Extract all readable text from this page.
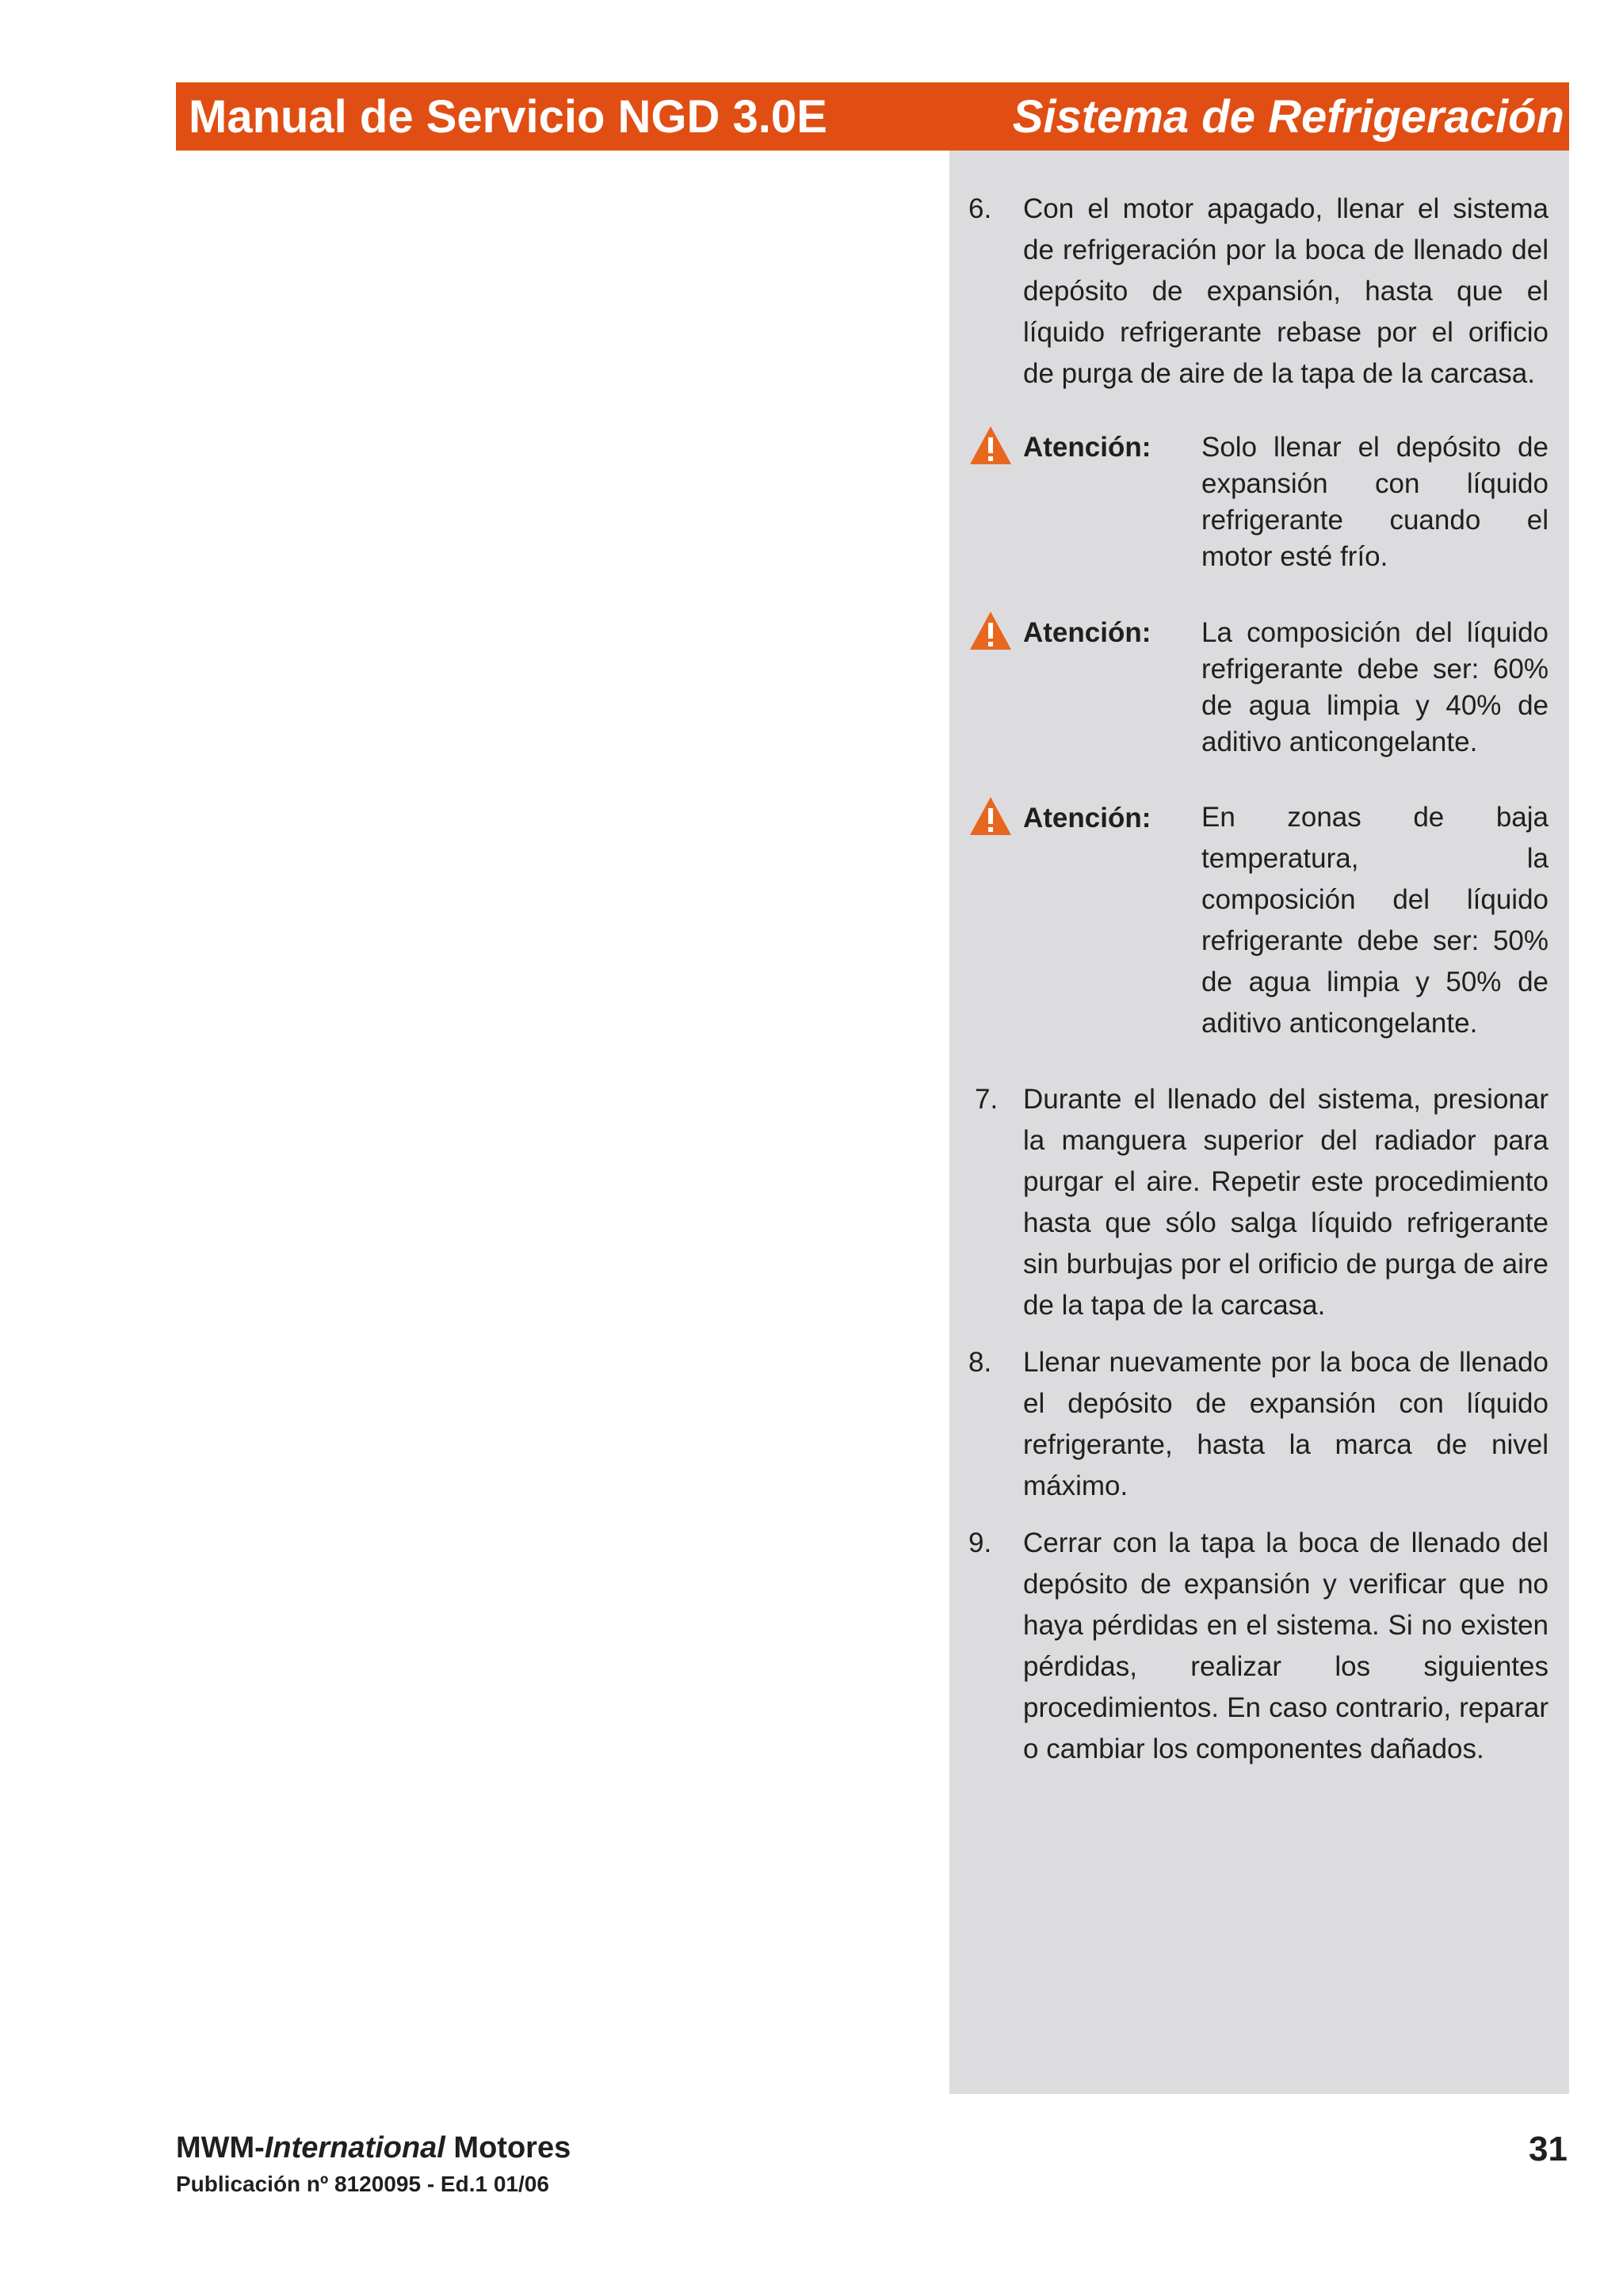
Manual de Servicio NGD 3.0E	Sistema de Refrigeración
6. Con el motor apagado, llenar el sistema de refrigeración por la boca de llenado del depósito de expansión, hasta que el líquido refrigerante rebase por el orificio de purga de aire de la tapa de la carcasa.
Atención: Solo llenar el depósito de expansión con líquido refrigerante cuando el motor esté frío.
Atención: La composición del líquido refrigerante debe ser: 60% de agua limpia y 40% de aditivo anticongelante.
Atención: En zonas de baja temperatura, la composición del líquido refrigerante debe ser: 50% de agua limpia y 50% de aditivo anticongelante.
7. Durante el llenado del sistema, presionar la manguera superior del radiador para purgar el aire. Repetir este procedimiento hasta que sólo salga líquido refrigerante sin burbujas por el orificio de purga de aire de la tapa de la carcasa.
8. Llenar nuevamente por la boca de llenado el depósito de expansión con líquido refrigerante, hasta la marca de nivel máximo.
9. Cerrar con la tapa la boca de llenado del depósito de expansión y verificar que no haya pérdidas en el sistema. Si no existen pérdidas, realizar los siguientes procedimientos. En caso contrario, reparar o cambiar los componentes dañados.
MWM-International Motores
Publicación nº 8120095 - Ed.1 01/06
31
